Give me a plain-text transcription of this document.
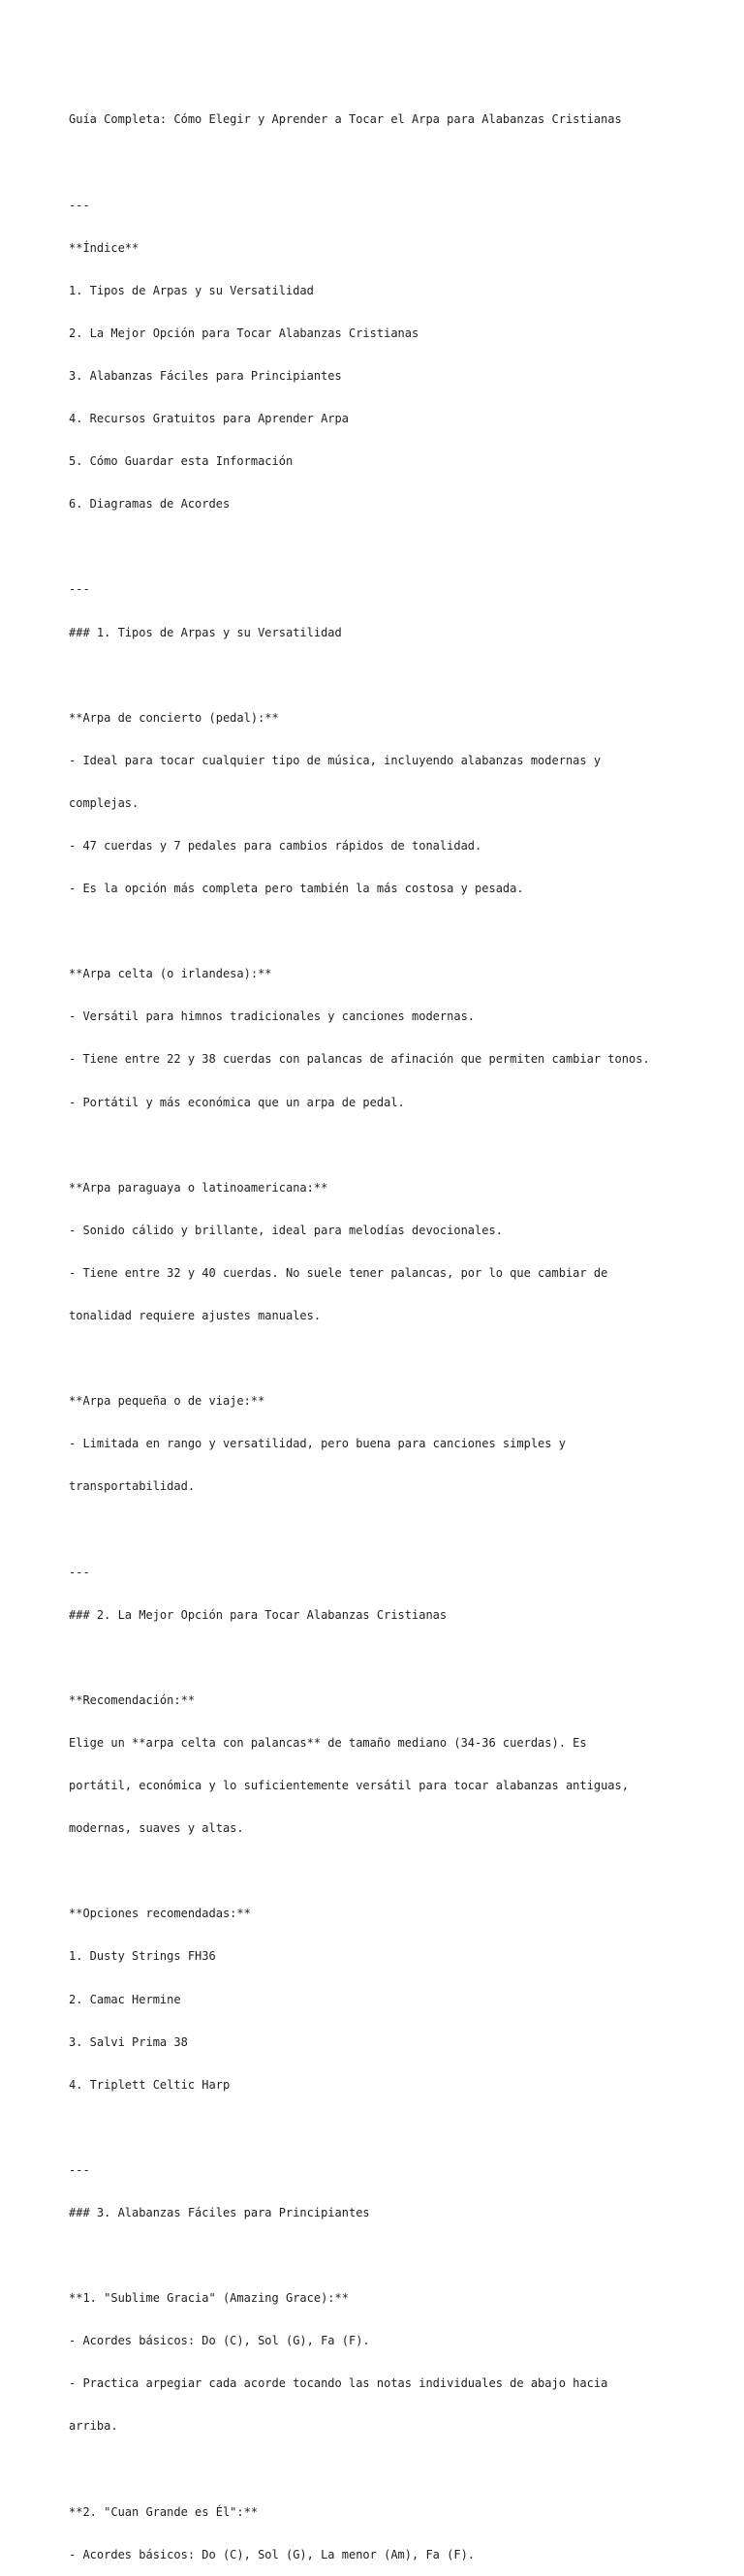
Guía Completa: Cómo Elegir y Aprender a Tocar el Arpa para Alabanzas Cristianas

---

**Índice**

1. Tipos de Arpas y su Versatilidad

2. La Mejor Opción para Tocar Alabanzas Cristianas

3. Alabanzas Fáciles para Principiantes

4. Recursos Gratuitos para Aprender Arpa

5. Cómo Guardar esta Información

6. Diagramas de Acordes

---

### 1. Tipos de Arpas y su Versatilidad

**Arpa de concierto (pedal):**

- Ideal para tocar cualquier tipo de música, incluyendo alabanzas modernas y

complejas.

- 47 cuerdas y 7 pedales para cambios rápidos de tonalidad.

- Es la opción más completa pero también la más costosa y pesada.

**Arpa celta (o irlandesa):**

- Versátil para himnos tradicionales y canciones modernas.

- Tiene entre 22 y 38 cuerdas con palancas de afinación que permiten cambiar tonos.

- Portátil y más económica que un arpa de pedal.

**Arpa paraguaya o latinoamericana:**

- Sonido cálido y brillante, ideal para melodías devocionales.

- Tiene entre 32 y 40 cuerdas. No suele tener palancas, por lo que cambiar de

tonalidad requiere ajustes manuales.

**Arpa pequeña o de viaje:**

- Limitada en rango y versatilidad, pero buena para canciones simples y

transportabilidad.

---

### 2. La Mejor Opción para Tocar Alabanzas Cristianas

**Recomendación:**

Elige un **arpa celta con palancas** de tamaño mediano (34-36 cuerdas). Es

portátil, económica y lo suficientemente versátil para tocar alabanzas antiguas,

modernas, suaves y altas.

**Opciones recomendadas:**

1. Dusty Strings FH36

2. Camac Hermine

3. Salvi Prima 38

4. Triplett Celtic Harp

---

### 3. Alabanzas Fáciles para Principiantes

**1. "Sublime Gracia" (Amazing Grace):**

- Acordes básicos: Do (C), Sol (G), Fa (F).

- Practica arpegiar cada acorde tocando las notas individuales de abajo hacia

arriba.

**2. "Cuan Grande es Él":**

- Acordes básicos: Do (C), Sol (G), La menor (Am), Fa (F).
